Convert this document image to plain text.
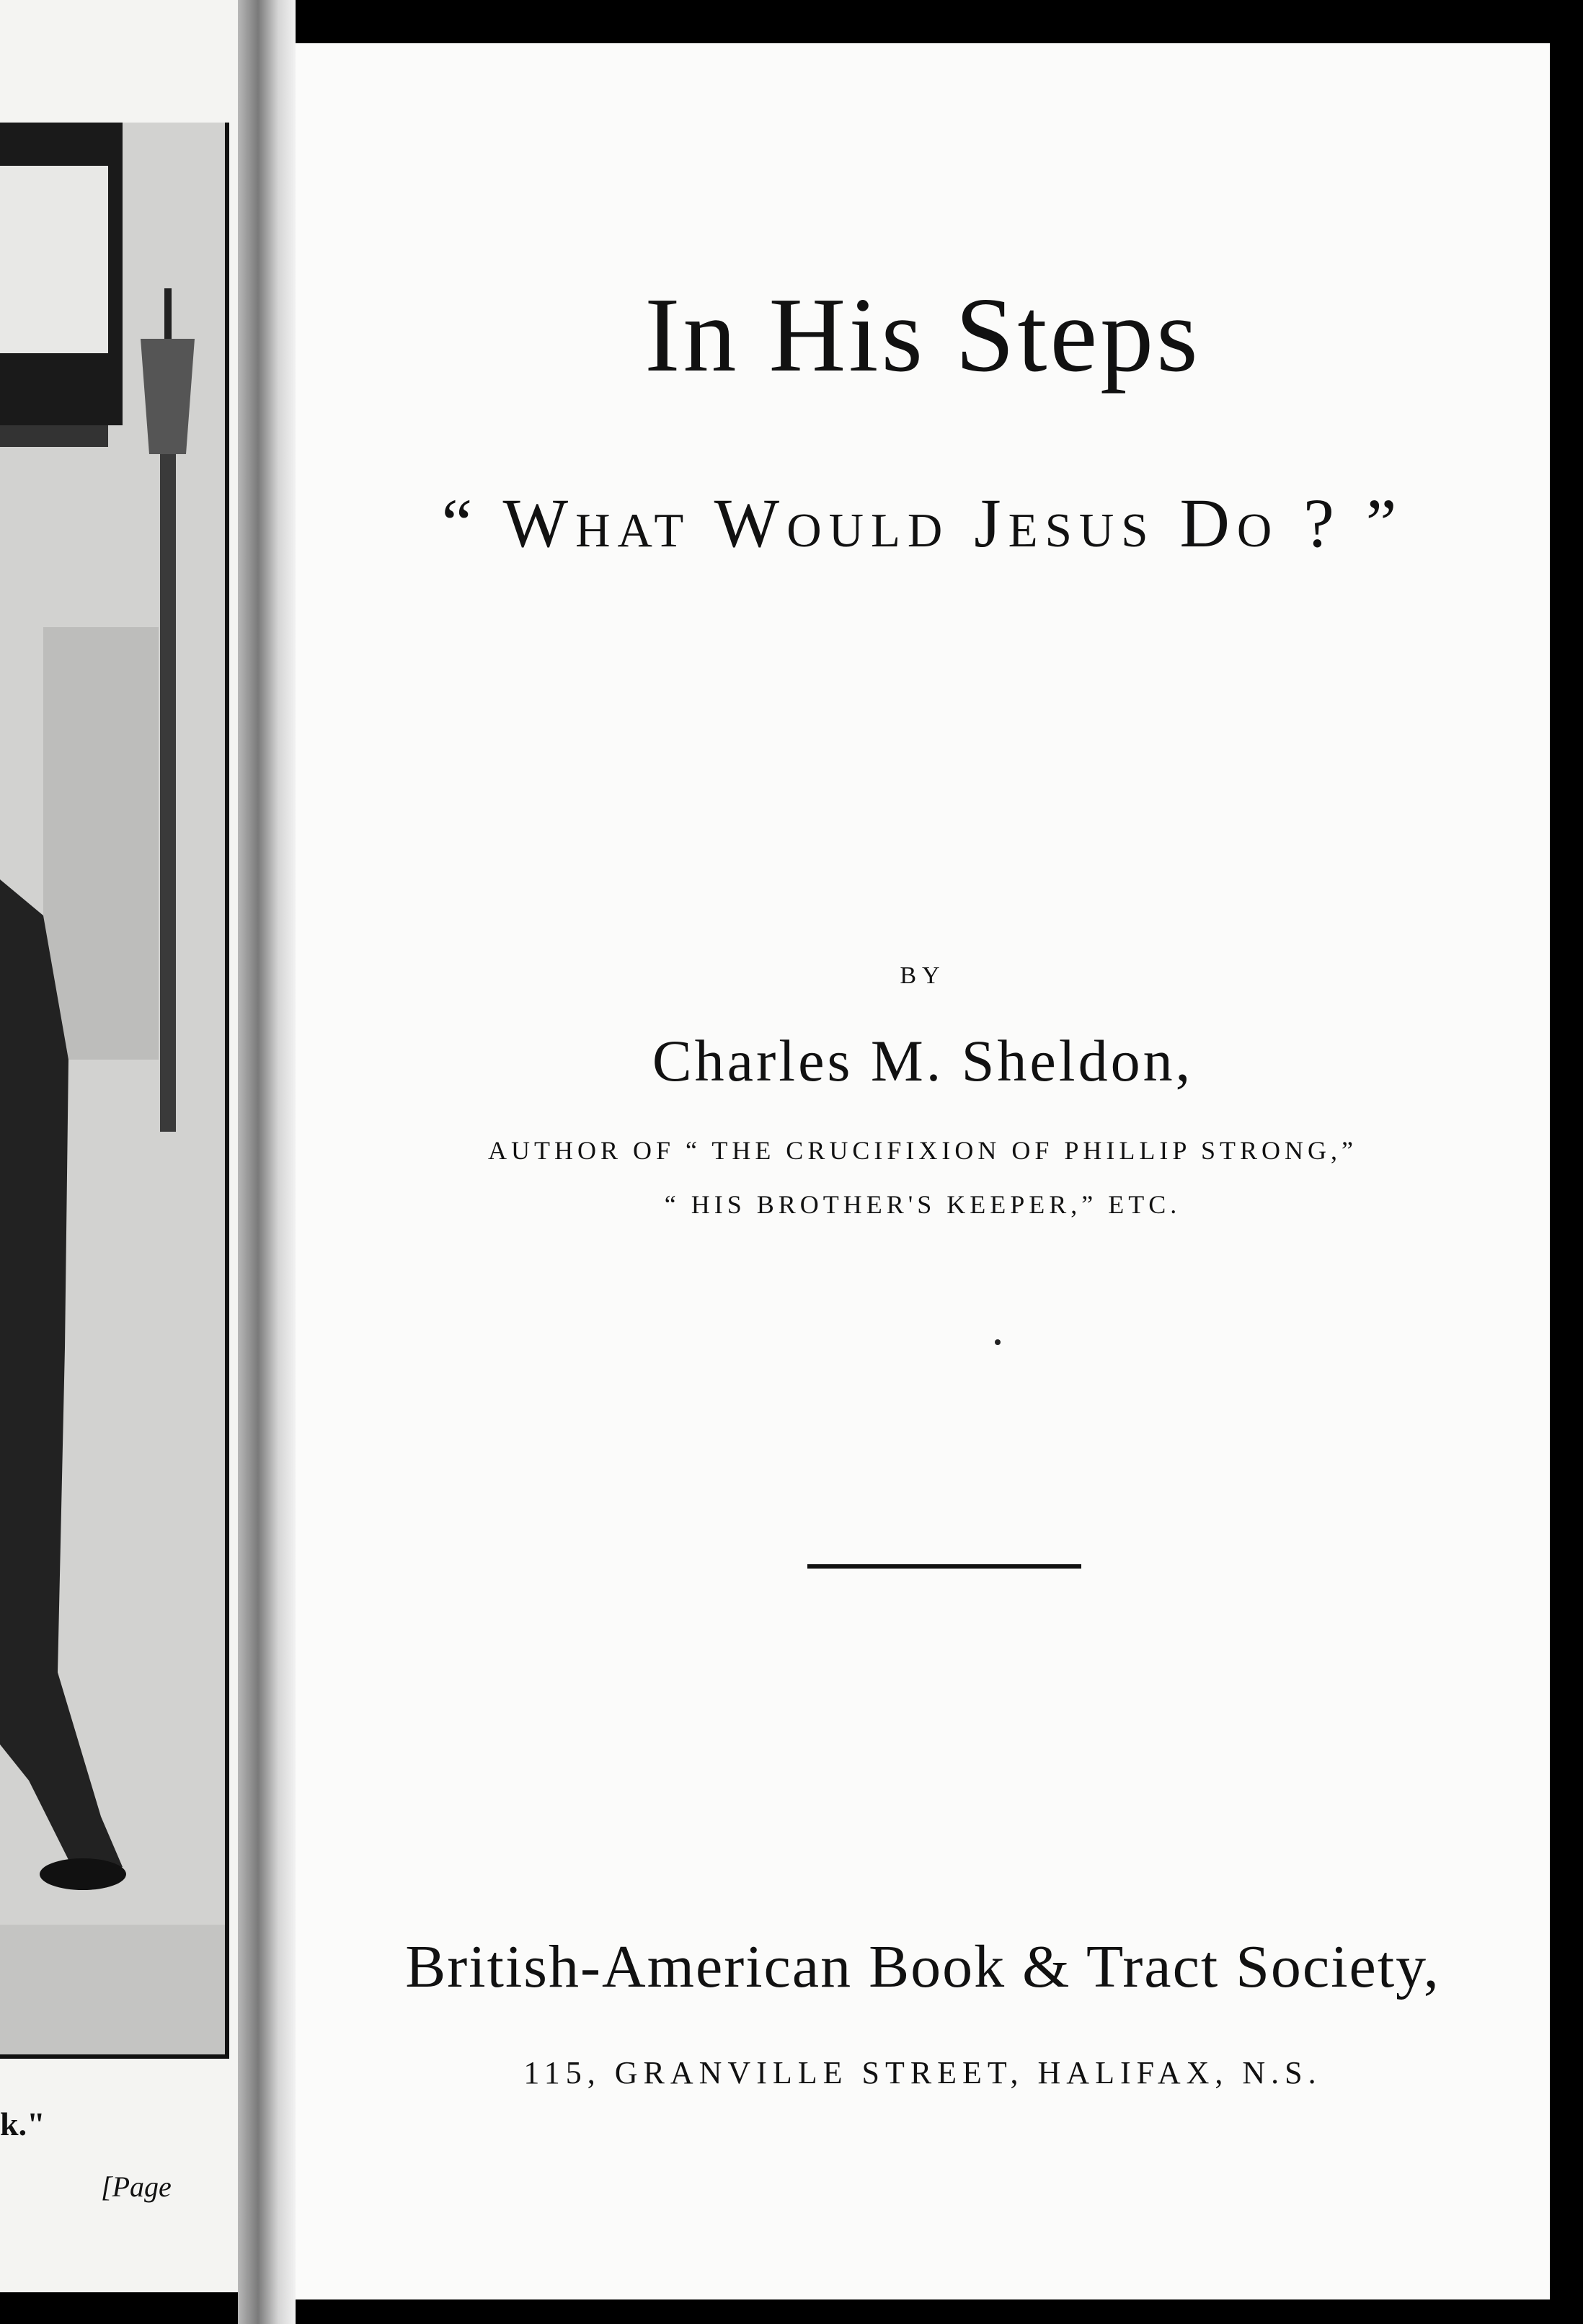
k."
[Page
In His Steps
“ What Would Jesus Do ? ”
BY
Charles M. Sheldon,
AUTHOR OF “ THE CRUCIFIXION OF PHILLIP STRONG,”
“ HIS BROTHER'S KEEPER,” ETC.
British-American Book & Tract Society,
115, GRANVILLE STREET, HALIFAX, N.S.
